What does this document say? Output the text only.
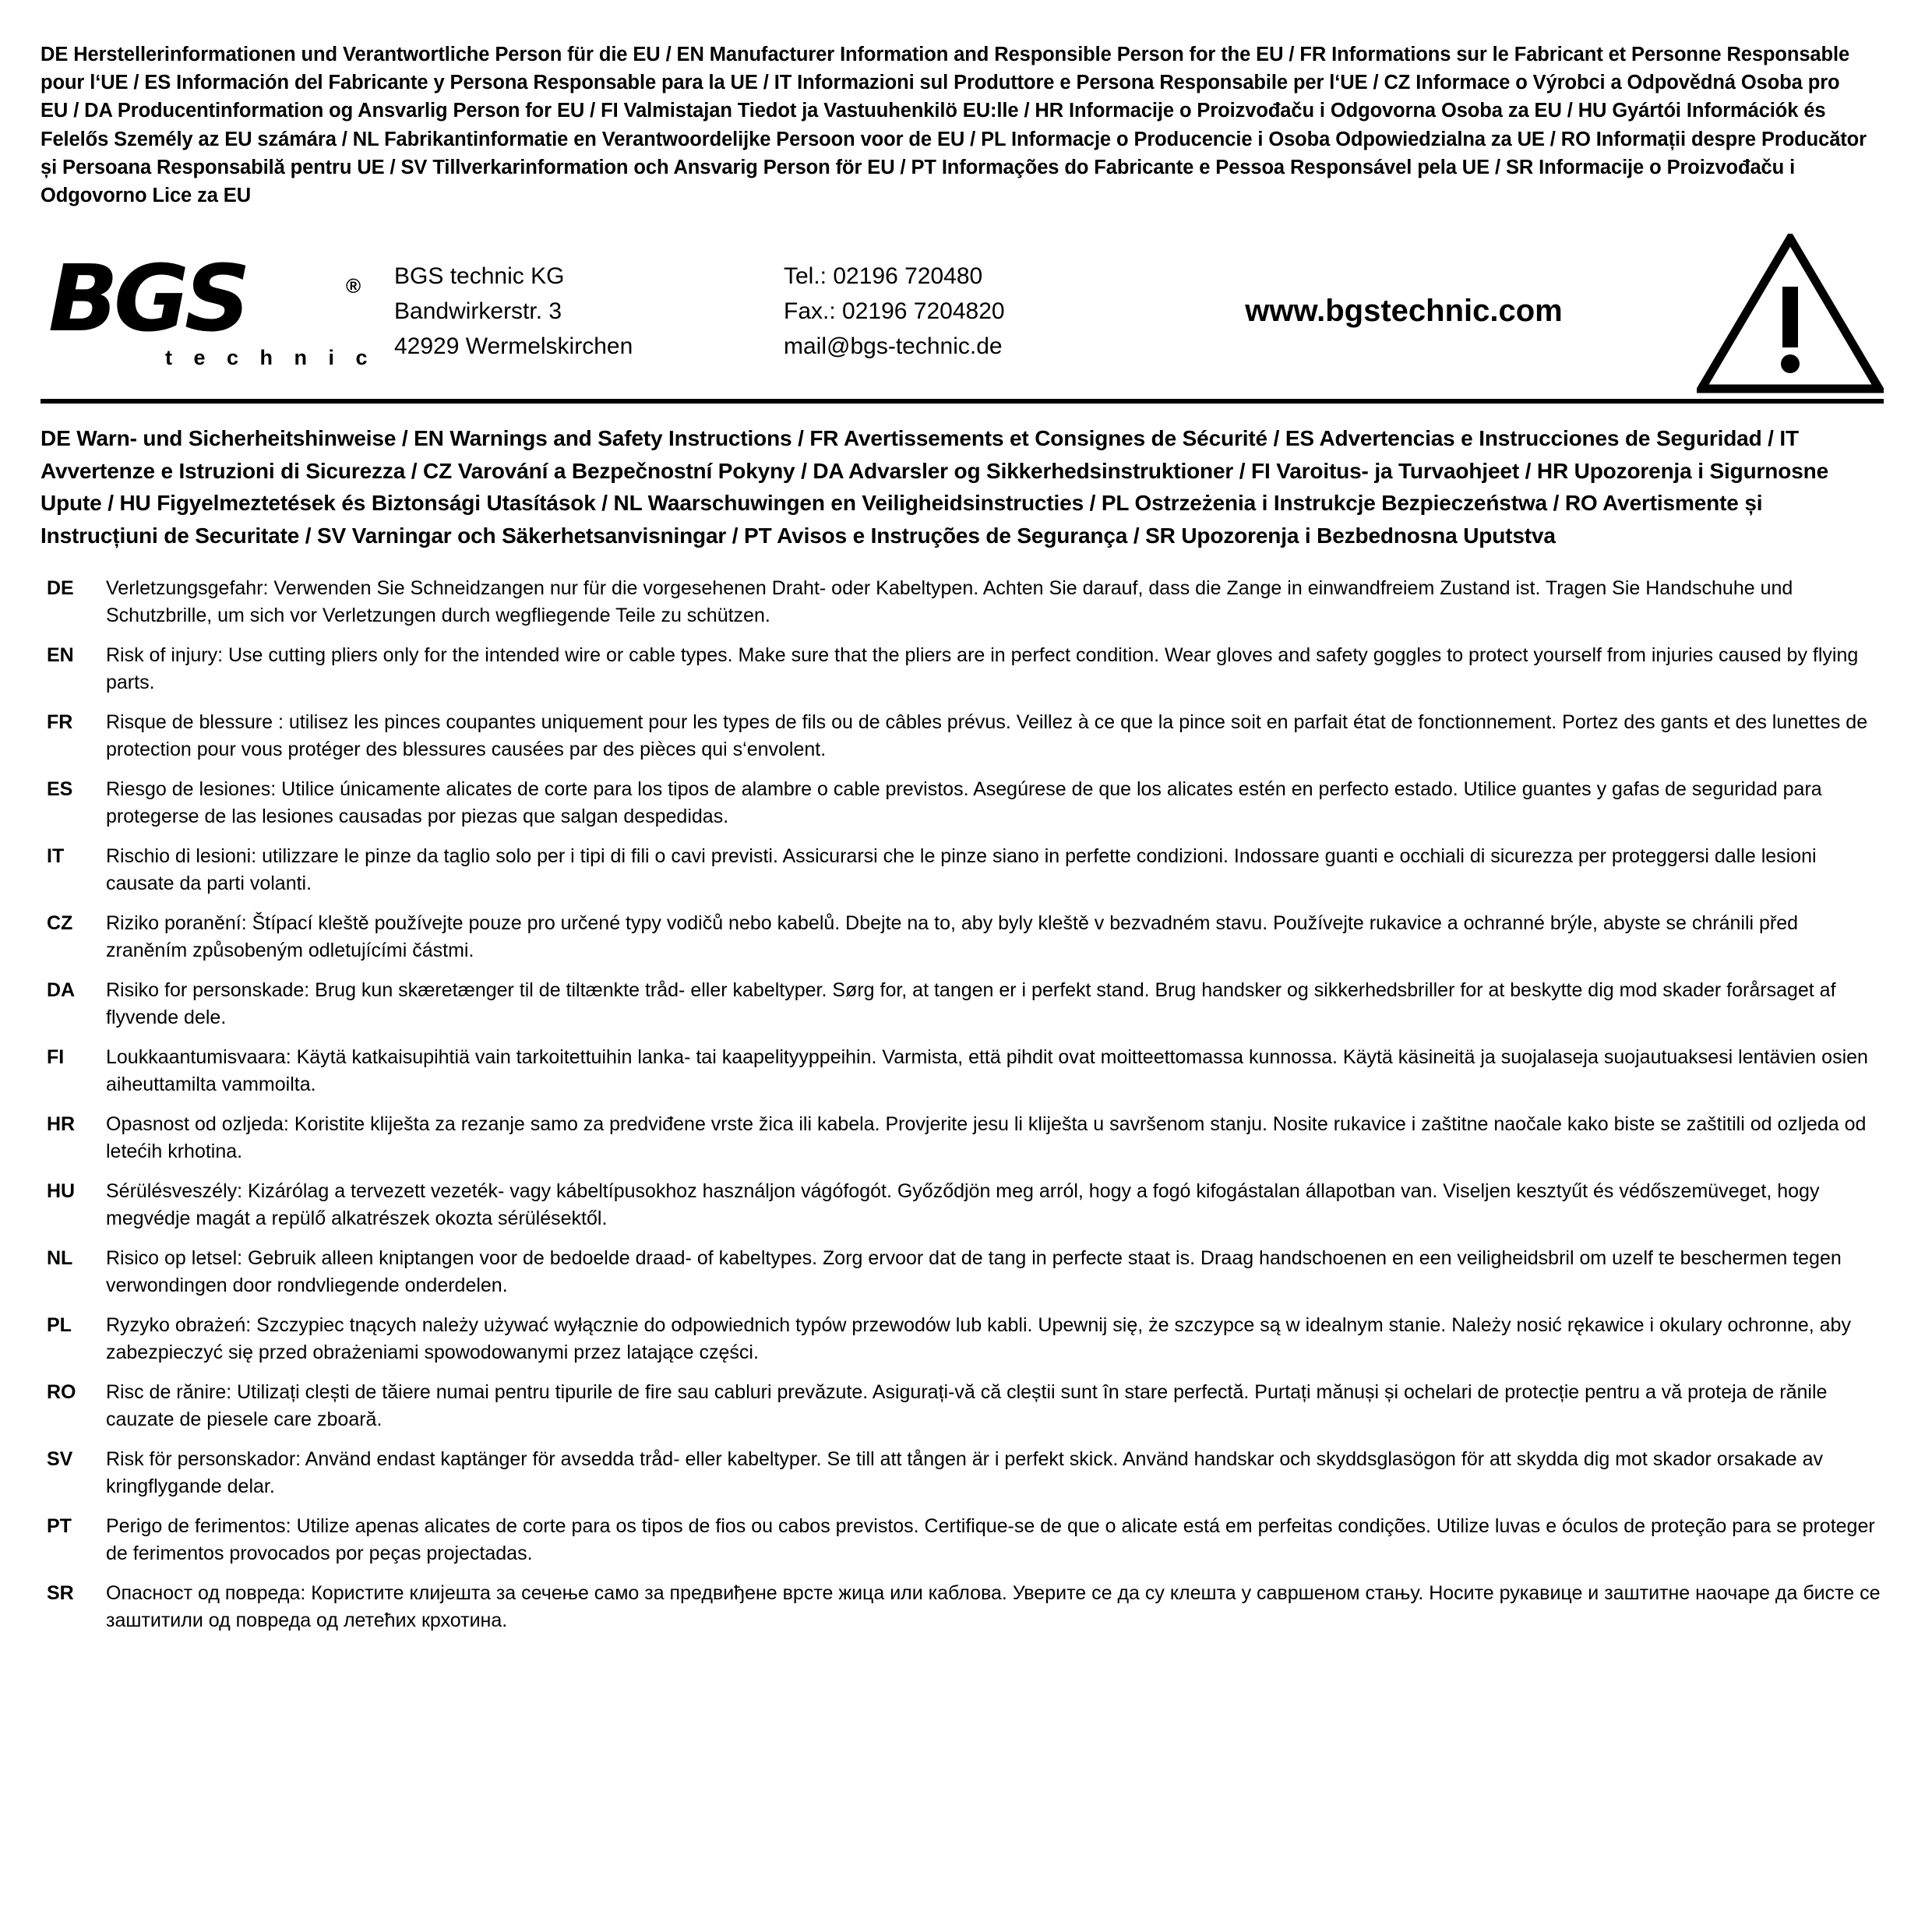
DE Herstellerinformationen und Verantwortliche Person für die EU / EN Manufacturer Information and Responsible Person for the EU / FR Informations sur le Fabricant et Personne Responsable pour l‘UE / ES Información del Fabricante y Persona Responsable para la UE / IT Informazioni sul Produttore e Persona Responsabile per l‘UE / CZ Informace o Výrobci a Odpovědná Osoba pro EU / DA Producentinformation og Ansvarlig Person for EU / FI Valmistajan Tiedot ja Vastuuhenkilö EU:lle / HR Informacije o Proizvođaču i Odgovorna Osoba za EU / HU Gyártói Információk és Felelős Személy az EU számára / NL Fabrikantinformatie en Verantwoordelijke Persoon voor de EU / PL Informacje o Producencie i Osoba Odpowiedzialna za UE / RO Informații despre Producător și Persoana Responsabilă pentru UE / SV Tillverkarinformation och Ansvarig Person för EU / PT Informações do Fabricante e Pessoa Responsável pela UE / SR Informacije o Proizvođaču i Odgovorno Lice za EU
BGS	®
t e c h n i c
BGS technic KG
Bandwirkerstr. 3
42929 Wermelskirchen
Tel.: 02196 720480
Fax.: 02196 7204820
mail@bgs-technic.de
www.bgstechnic.com
DE Warn- und Sicherheitshinweise / EN Warnings and Safety Instructions / FR Avertissements et Consignes de Sécurité / ES Advertencias e Instrucciones de Seguridad / IT Avvertenze e Istruzioni di Sicurezza / CZ Varování a Bezpečnostní Pokyny / DA Advarsler og Sikkerhedsinstruktioner / FI Varoitus- ja Turvaohjeet / HR Upozorenja i Sigurnosne Upute / HU Figyelmeztetések és Biztonsági Utasítások / NL Waarschuwingen en Veiligheidsinstructies / PL Ostrzeżenia i Instrukcje Bezpieczeństwa / RO Avertismente și Instrucțiuni de Securitate / SV Varningar och Säkerhetsanvisningar / PT Avisos e Instruções de Segurança / SR Upozorenja i Bezbednosna Uputstva
DE	Verletzungsgefahr: Verwenden Sie Schneidzangen nur für die vorgesehenen Draht- oder Kabeltypen. Achten Sie darauf, dass die Zange in einwandfreiem Zustand ist. Tragen Sie Handschuhe und Schutzbrille, um sich vor Verletzungen durch wegfliegende Teile zu schützen.
EN	Risk of injury: Use cutting pliers only for the intended wire or cable types. Make sure that the pliers are in perfect condition. Wear gloves and safety goggles to protect yourself from injuries caused by flying parts.
FR	Risque de blessure : utilisez les pinces coupantes uniquement pour les types de fils ou de câbles prévus. Veillez à ce que la pince soit en parfait état de fonctionnement. Portez des gants et des lunettes de protection pour vous protéger des blessures causées par des pièces qui s‘envolent.
ES	Riesgo de lesiones: Utilice únicamente alicates de corte para los tipos de alambre o cable previstos. Asegúrese de que los alicates estén en perfecto estado. Utilice guantes y gafas de seguridad para protegerse de las lesiones causadas por piezas que salgan despedidas.
IT	Rischio di lesioni: utilizzare le pinze da taglio solo per i tipi di fili o cavi previsti. Assicurarsi che le pinze siano in perfette condizioni. Indossare guanti e occhiali di sicurezza per proteggersi dalle lesioni causate da parti volanti.
CZ	Riziko poranění: Štípací kleště používejte pouze pro určené typy vodičů nebo kabelů. Dbejte na to, aby byly kleště v bezvadném stavu. Používejte rukavice a ochranné brýle, abyste se chránili před zraněním způsobeným odletujícími částmi.
DA	Risiko for personskade: Brug kun skæretænger til de tiltænkte tråd- eller kabeltyper. Sørg for, at tangen er i perfekt stand. Brug handsker og sikkerhedsbriller for at beskytte dig mod skader forårsaget af flyvende dele.
FI	Loukkaantumisvaara: Käytä katkaisupihtiä vain tarkoitettuihin lanka- tai kaapelityyppeihin. Varmista, että pihdit ovat moitteettomassa kunnossa. Käytä käsineitä ja suojalaseja suojautuaksesi lentävien osien aiheuttamilta vammoilta.
HR	Opasnost od ozljeda: Koristite kliješta za rezanje samo za predviđene vrste žica ili kabela. Provjerite jesu li kliješta u savršenom stanju. Nosite rukavice i zaštitne naočale kako biste se zaštitili od ozljeda od letećih krhotina.
HU	Sérülésveszély: Kizárólag a tervezett vezeték- vagy kábeltípusokhoz használjon vágófogót. Győződjön meg arról, hogy a fogó kifogástalan állapotban van. Viseljen kesztyűt és védőszemüveget, hogy megvédje magát a repülő alkatrészek okozta sérülésektől.
NL	Risico op letsel: Gebruik alleen kniptangen voor de bedoelde draad- of kabeltypes. Zorg ervoor dat de tang in perfecte staat is. Draag handschoenen en een veiligheidsbril om uzelf te beschermen tegen verwondingen door rondvliegende onderdelen.
PL	Ryzyko obrażeń: Szczypiec tnących należy używać wyłącznie do odpowiednich typów przewodów lub kabli. Upewnij się, że szczypce są w idealnym stanie. Należy nosić rękawice i okulary ochronne, aby zabezpieczyć się przed obrażeniami spowodowanymi przez latające części.
RO	Risc de rănire: Utilizați clești de tăiere numai pentru tipurile de fire sau cabluri prevăzute. Asigurați-vă că cleștii sunt în stare perfectă. Purtați mănuși și ochelari de protecție pentru a vă proteja de rănile cauzate de piesele care zboară.
SV	Risk för personskador: Använd endast kaptänger för avsedda tråd- eller kabeltyper. Se till att tången är i perfekt skick. Använd handskar och skyddsglasögon för att skydda dig mot skador orsakade av kringflygande delar.
PT	Perigo de ferimentos: Utilize apenas alicates de corte para os tipos de fios ou cabos previstos. Certifique-se de que o alicate está em perfeitas condições. Utilize luvas e óculos de proteção para se proteger de ferimentos provocados por peças projectadas.
SR	Опасност од повреда: Користите клијешта за сечење само за предвиђене врсте жица или каблова. Уверите се да су клешта у савршеном стању. Носите рукавице и заштитне наочаре да бисте се заштитили од повреда од летећих крхотина.
